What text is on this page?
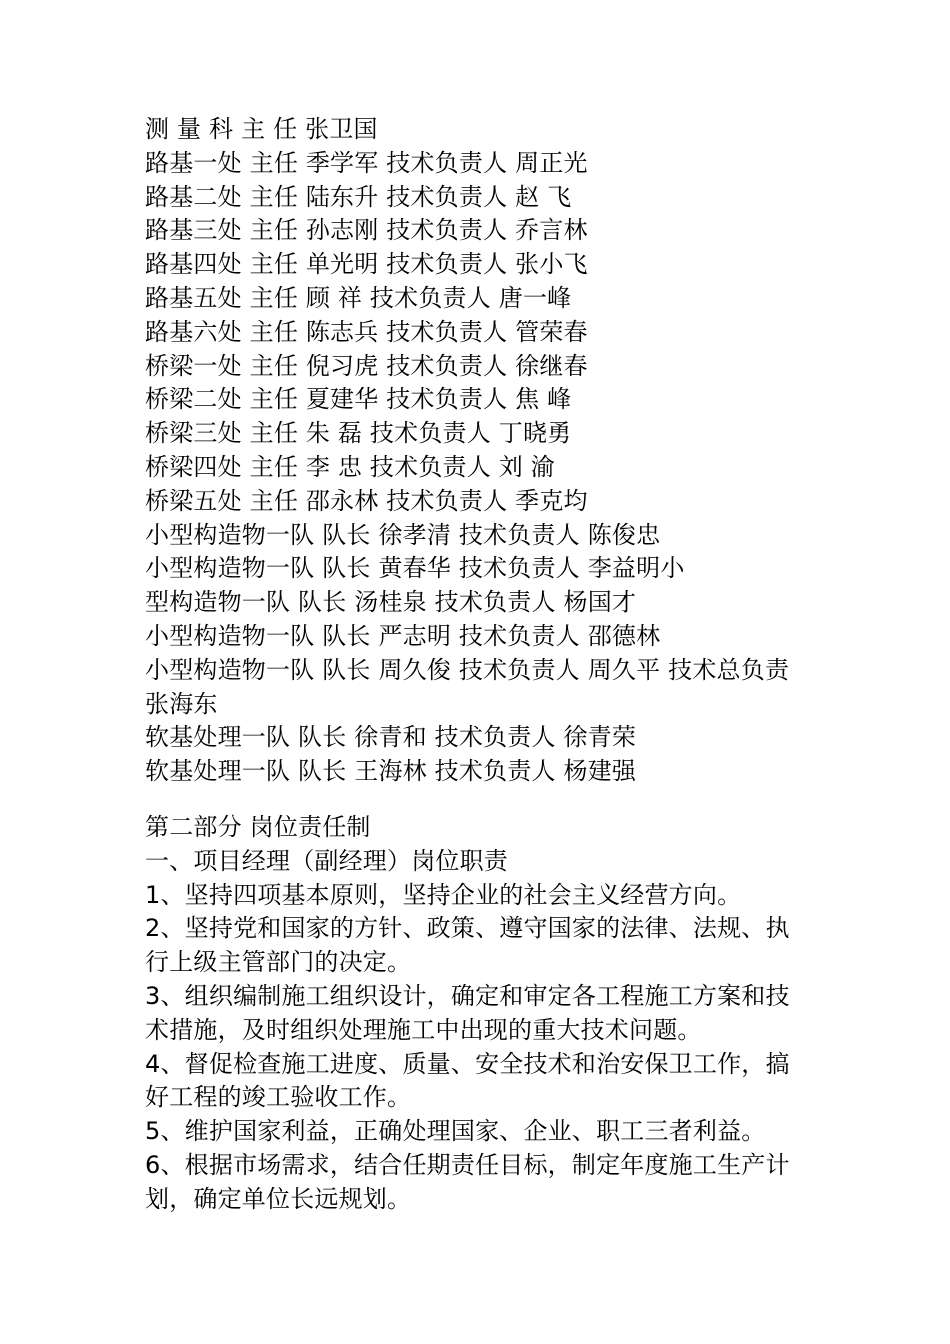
测 量 科 主 任 张卫国
路基一处 主任 季学军 技术负责人 周正光
路基二处 主任 陆东升 技术负责人 赵 飞
路基三处 主任 孙志刚 技术负责人 乔言林
路基四处 主任 单光明 技术负责人 张小飞
路基五处 主任 顾 祥 技术负责人 唐一峰
路基六处 主任 陈志兵 技术负责人 管荣春
桥梁一处 主任 倪习虎 技术负责人 徐继春
桥梁二处 主任 夏建华 技术负责人 焦 峰
桥梁三处 主任 朱 磊 技术负责人 丁晓勇
桥梁四处 主任 李 忠 技术负责人 刘 渝
桥梁五处 主任 邵永林 技术负责人 季克均
小型构造物一队 队长 徐孝清 技术负责人 陈俊忠
小型构造物一队 队长 黄春华 技术负责人 李益明小
型构造物一队 队长 汤桂泉 技术负责人 杨国才
小型构造物一队 队长 严志明 技术负责人 邵德林
小型构造物一队 队长 周久俊 技术负责人 周久平 技术总负责 张海东
软基处理一队 队长 徐青和 技术负责人 徐青荣
软基处理一队 队长 王海林 技术负责人 杨建强
第二部分 岗位责任制
一、项目经理（副经理）岗位职责
1、坚持四项基本原则，坚持企业的社会主义经营方向。
2、坚持党和国家的方针、政策、遵守国家的法律、法规、执行上级主管部门的决定。
3、组织编制施工组织设计，确定和审定各工程施工方案和技术措施，及时组织处理施工中出现的重大技术问题。
4、督促检查施工进度、质量、安全技术和治安保卫工作，搞好工程的竣工验收工作。
5、维护国家利益，正确处理国家、企业、职工三者利益。
6、根据市场需求，结合任期责任目标，制定年度施工生产计划，确定单位长远规划。
